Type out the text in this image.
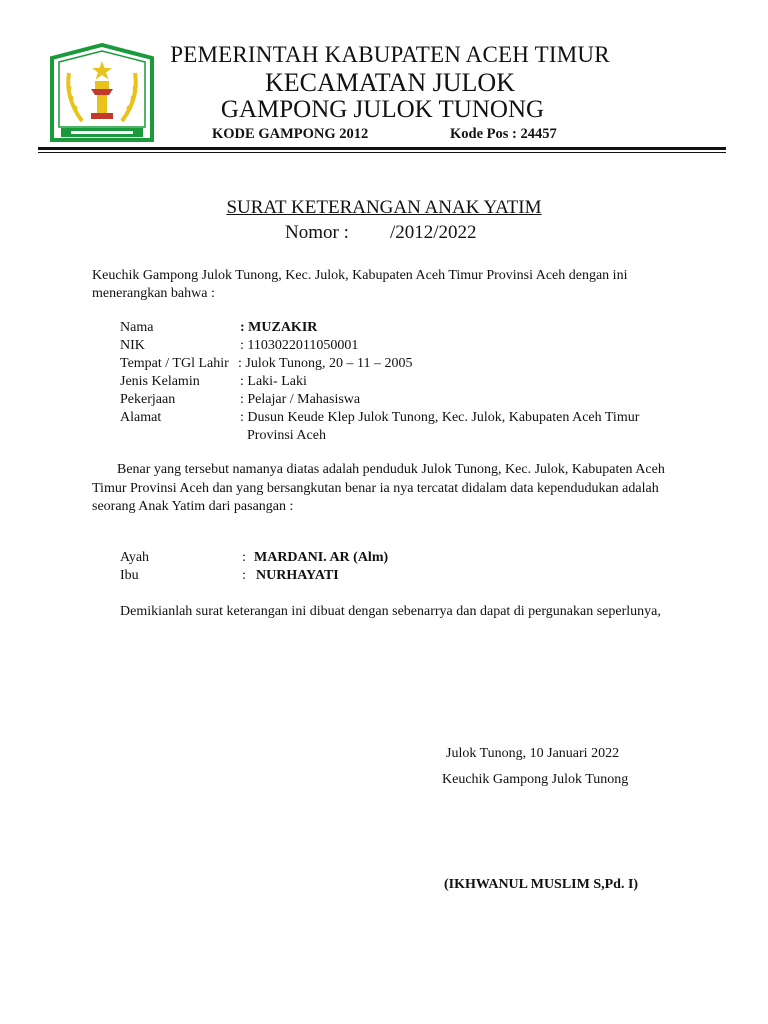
PEMERINTAH KABUPATEN ACEH TIMUR
KECAMATAN JULOK
GAMPONG JULOK TUNONG
KODE GAMPONG 2012	Kode Pos : 24457
SURAT KETERANGAN ANAK YATIM
Nomor : /2012/2022
Keuchik Gampong Julok Tunong, Kec. Julok, Kabupaten Aceh Timur Provinsi Aceh dengan ini
menerangkan bahwa :
Nama	: MUZAKIR
NIK	: 1103022011050001
Tempat / TGl Lahir : Julok Tunong, 20 – 11 – 2005
Jenis Kelamin	: Laki- Laki
Pekerjaan	: Pelajar / Mahasiswa
Alamat	: Dusun Keude Klep Julok Tunong, Kec. Julok, Kabupaten Aceh Timur
Provinsi Aceh
Benar yang tersebut namanya diatas adalah penduduk Julok Tunong, Kec. Julok, Kabupaten Aceh
Timur Provinsi Aceh dan yang bersangkutan benar ia nya tercatat didalam data kependudukan adalah
seorang Anak Yatim dari pasangan :
Ayah	: MARDANI. AR (Alm)
Ibu	: NURHAYATI
Demikianlah surat keterangan ini dibuat dengan sebenarrya dan dapat di pergunakan seperlunya,
Julok Tunong, 10 Januari 2022
Keuchik Gampong Julok Tunong
(IKHWANUL MUSLIM S,Pd. I)
